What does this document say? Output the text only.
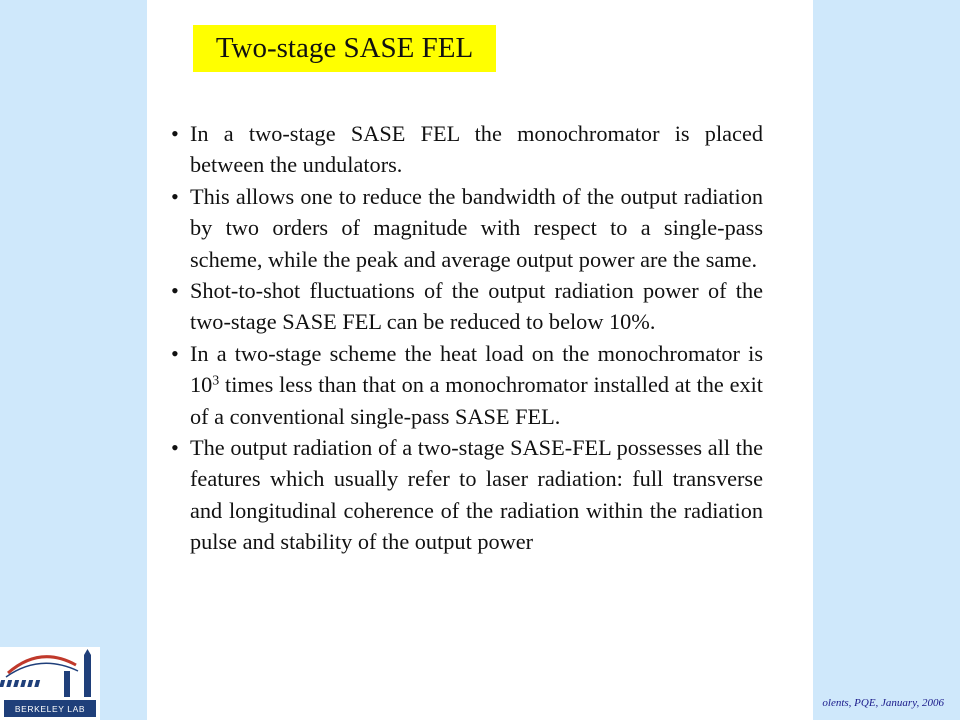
Two-stage SASE FEL
• In a two-stage SASE FEL the monochromator is placed between the undulators.
• This allows one to reduce the bandwidth of the output radiation by two orders of magnitude with respect to a single-pass scheme, while the peak and average output power are the same.
• Shot-to-shot fluctuations of the output radiation power of the two-stage SASE FEL can be reduced to below 10%.
• In a two-stage scheme the heat load on the monochromator is $10^3$ times less than that on a monochromator installed at the exit of a conventional single-pass SASE FEL.
• The output radiation of a two-stage SASE-FEL possesses all the features which usually refer to laser radiation: full transverse and longitudinal coherence of the radiation within the radiation pulse and stability of the output power
BERKELEY LAB	olents, PQE, January, 2006
